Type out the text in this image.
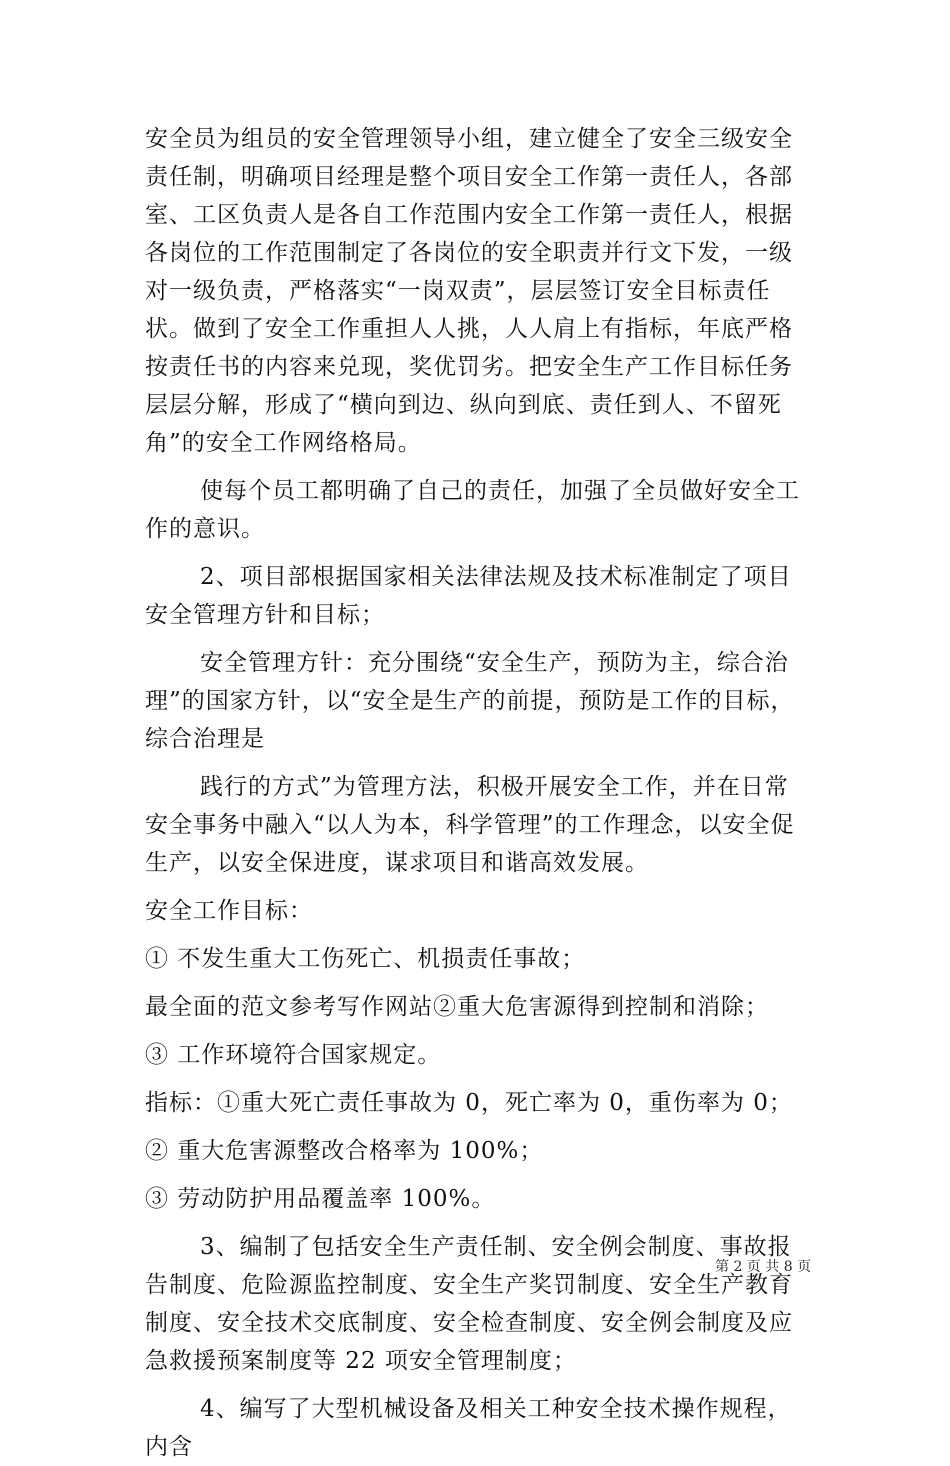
安全员为组员的安全管理领导小组，建立健全了安全三级安全责任制，明确项目经理是整个项目安全工作第一责任人，各部室、工区负责人是各自工作范围内安全工作第一责任人，根据各岗位的工作范围制定了各岗位的安全职责并行文下发，一级对一级负责，严格落实“一岗双责”，层层签订安全目标责任状。做到了安全工作重担人人挑，人人肩上有指标，年底严格按责任书的内容来兑现，奖优罚劣。把安全生产工作目标任务层层分解，形成了“横向到边、纵向到底、责任到人、不留死角”的安全工作网络格局。

使每个员工都明确了自己的责任，加强了全员做好安全工作的意识。

2、项目部根据国家相关法律法规及技术标准制定了项目安全管理方针和目标；

安全管理方针：充分围绕“安全生产，预防为主，综合治理”的国家方针，以“安全是生产的前提，预防是工作的目标，综合治理是

践行的方式”为管理方法，积极开展安全工作，并在日常安全事务中融入“以人为本，科学管理”的工作理念，以安全促生产，以安全保进度，谋求项目和谐高效发展。

安全工作目标：

① 不发生重大工伤死亡、机损责任事故；

最全面的范文参考写作网站②重大危害源得到控制和消除；

③ 工作环境符合国家规定。

指标：①重大死亡责任事故为 0，死亡率为 0，重伤率为 0；

② 重大危害源整改合格率为 100%；

③ 劳动防护用品覆盖率 100%。

3、编制了包括安全生产责任制、安全例会制度、事故报告制度、危险源监控制度、安全生产奖罚制度、安全生产教育制度、安全技术交底制度、安全检查制度、安全例会制度及应急救援预案制度等 22 项安全管理制度；

4、编写了大型机械设备及相关工种安全技术操作规程，内含

第 2 页 共 8 页
